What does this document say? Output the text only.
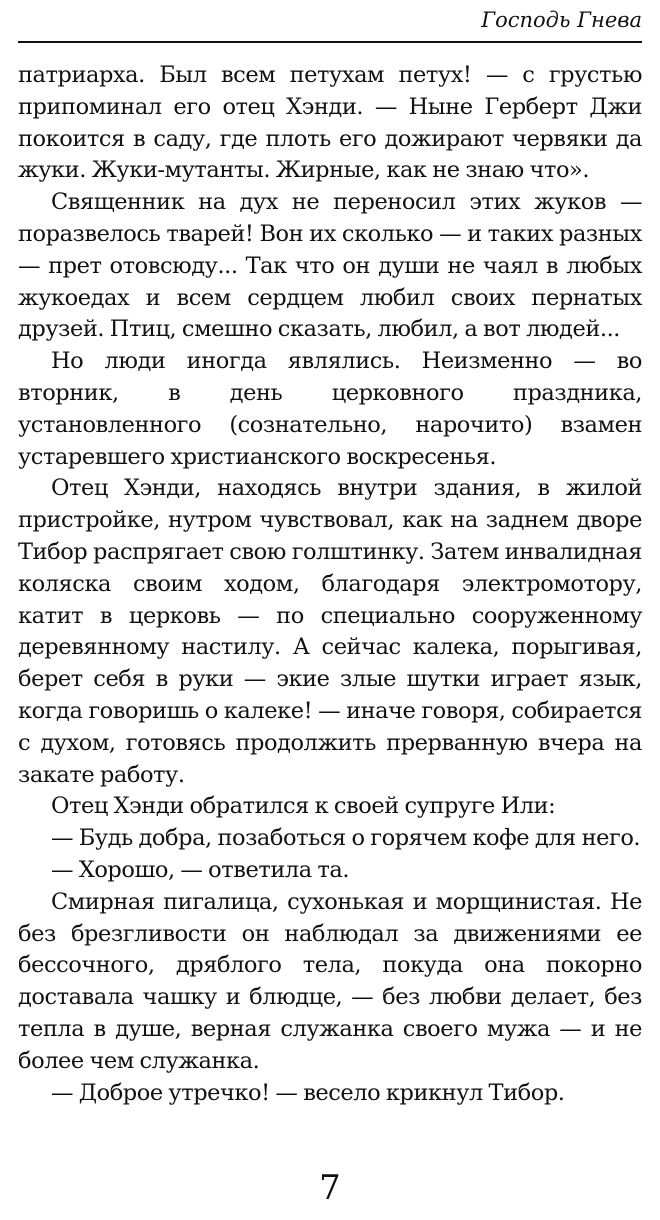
Господь Гнева

патриарха. Был всем петухам петух! — с грустью припоминал его отец Хэнди. — Ныне Герберт Джи покоится в саду, где плоть его дожирают червяки да жуки. Жуки-мутанты. Жирные, как не знаю что».

Священник на дух не переносил этих жуков — поразвелось тварей! Вон их сколько — и таких разных — прет отовсюду... Так что он души не чаял в любых жукоедах и всем сердцем любил своих пернатых друзей. Птиц, смешно сказать, любил, а вот людей...

Но люди иногда являлись. Неизменно — во вторник, в день церковного праздника, установленного (сознательно, нарочито) взамен устаревшего христианского воскресенья.

Отец Хэнди, находясь внутри здания, в жилой пристройке, нутром чувствовал, как на заднем дворе Тибор распрягает свою голштинку. Затем инвалидная коляска своим ходом, благодаря электромотору, катит в церковь — по специально сооруженному деревянному настилу. А сейчас калека, порыгивая, берет себя в руки — экие злые шутки играет язык, когда говоришь о калеке! — иначе говоря, собирается с духом, готовясь продолжить прерванную вчера на закате работу.

Отец Хэнди обратился к своей супруге Или:

— Будь добра, позаботься о горячем кофе для него.

— Хорошо, — ответила та.

Смирная пигалица, сухонькая и морщинистая. Не без брезгливости он наблюдал за движениями ее бессочного, дряблого тела, покуда она покорно доставала чашку и блюдце, — без любви делает, без тепла в душе, верная служанка своего мужа — и не более чем служанка.

— Доброе утречко! — весело крикнул Тибор.

7
